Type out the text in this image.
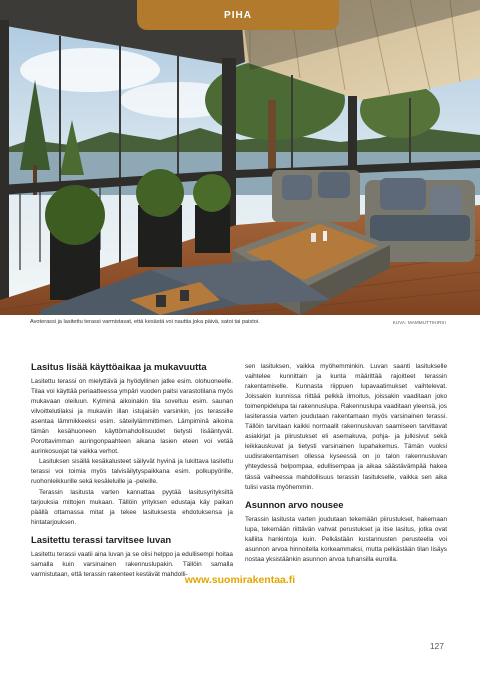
PIHA
Avoterassi ja lasitettu terassi varmistavat, että kesästä voi nauttia joka päivä, satoi tai paistoi.	KUVA: MAMMUTTIHIRSI
Lasitus lisää käyttöaikaa ja mukavuutta

Lasitettu terassi on mielyttävä ja hyödyllinen jatke esim. olohuoneelle. Tilaa voi käyttää periaatteessa ympäri vuoden paitsi varastotilana myös mukavaan oleiluun. Kylminä aikoinakin tila soveltuu esim. saunan vilvoittelutilaksi ja mukaviin illan istujaisiin varsinkin, jos terassille asentaa lämmikkeeksi esim. säteilylämmittimen. Lämpiminä aikoina tämän kesähuoneen käyttömahdollisuudet tietysti lisääntyvät. Porottavimman auringonpaahteen aikana lasien eteen voi vetää aurinkosuojat tai vaikka verhot.

Lasituksen sisällä kesäkalusteet säilyvät hyvinä ja lukittava lasitettu terassi voi toimia myös talvisäilytyspaikkana esim. polkupyörille, ruohonleikkurille sekä kesäleluille ja -peleille.

Terassin lasitusta varten kannattaa pyytää lasitusyrityksiltä tarjouksia mittojen mukaan. Tällöin yrityksen edustaja käy paikan päällä ottamassa mitat ja tekee lasituksesta ehdotuksensa ja hintatarjouksen.

Lasitettu terassi tarvitsee luvan

Lasitettu terassi vaatii aina luvan ja se olisi helppo ja edullisempi hoitaa samalla kuin varsinainen rakennuslupakin. Tällöin samalla varmistutaan, että terassin rakenteet kestävät mahdolli-

sen lasituksen, vaikka myöhemminkin. Luvan saanti lasitukselle vaihtelee kunnittain ja kunta määrittää rajoitteet terassin rakentamiselle. Kunnasta riippuen lupavaatimukset vaihtelevat. Joissakin kunnissa riittää pelkkä ilmoitus, joissakin vaaditaan joko toimenpidelupa tai rakennuslupa. Rakennuslupa vaaditaan yleensä, jos lasiterassia varten joudutaan rakentamaan myös varsinainen terassi. Tällöin tarvitaan kaikki normaalit rakennusluvan saamiseen tarvittavat asiakirjat ja piirustukset eli asemakuva, pohja- ja julkisivut sekä leikkauskuvat ja tietysti varsinainen lupahakemus. Tämän vuoksi uudisrakentamisen ollessa kyseessä on jo talon rakennusluvan yhteydessä helpompaa, edullisempaa ja aikaa säästävämpää hakea tässä vaiheessa mahdollisuus terassin lasitukselle, vaikka sen aika tulisi vasta myöhemmin.

Asunnon arvo nousee

Terassin lasitusta varten joudutaan tekemään piirustukset, hakemaan lupa, tekemään riittävän vahvat perustukset ja itse lasitus, jotka ovat kalliita hankintoja kuin. Pelkästään kustannusten perusteella voi asunnon arvoa hinnoitella korkeammaksi, mutta pelkästään tilan lisäys nostaa yksistäänkin asunnon arvoa tuhansilla euroilla.

www.suomirakentaa.fi
127
